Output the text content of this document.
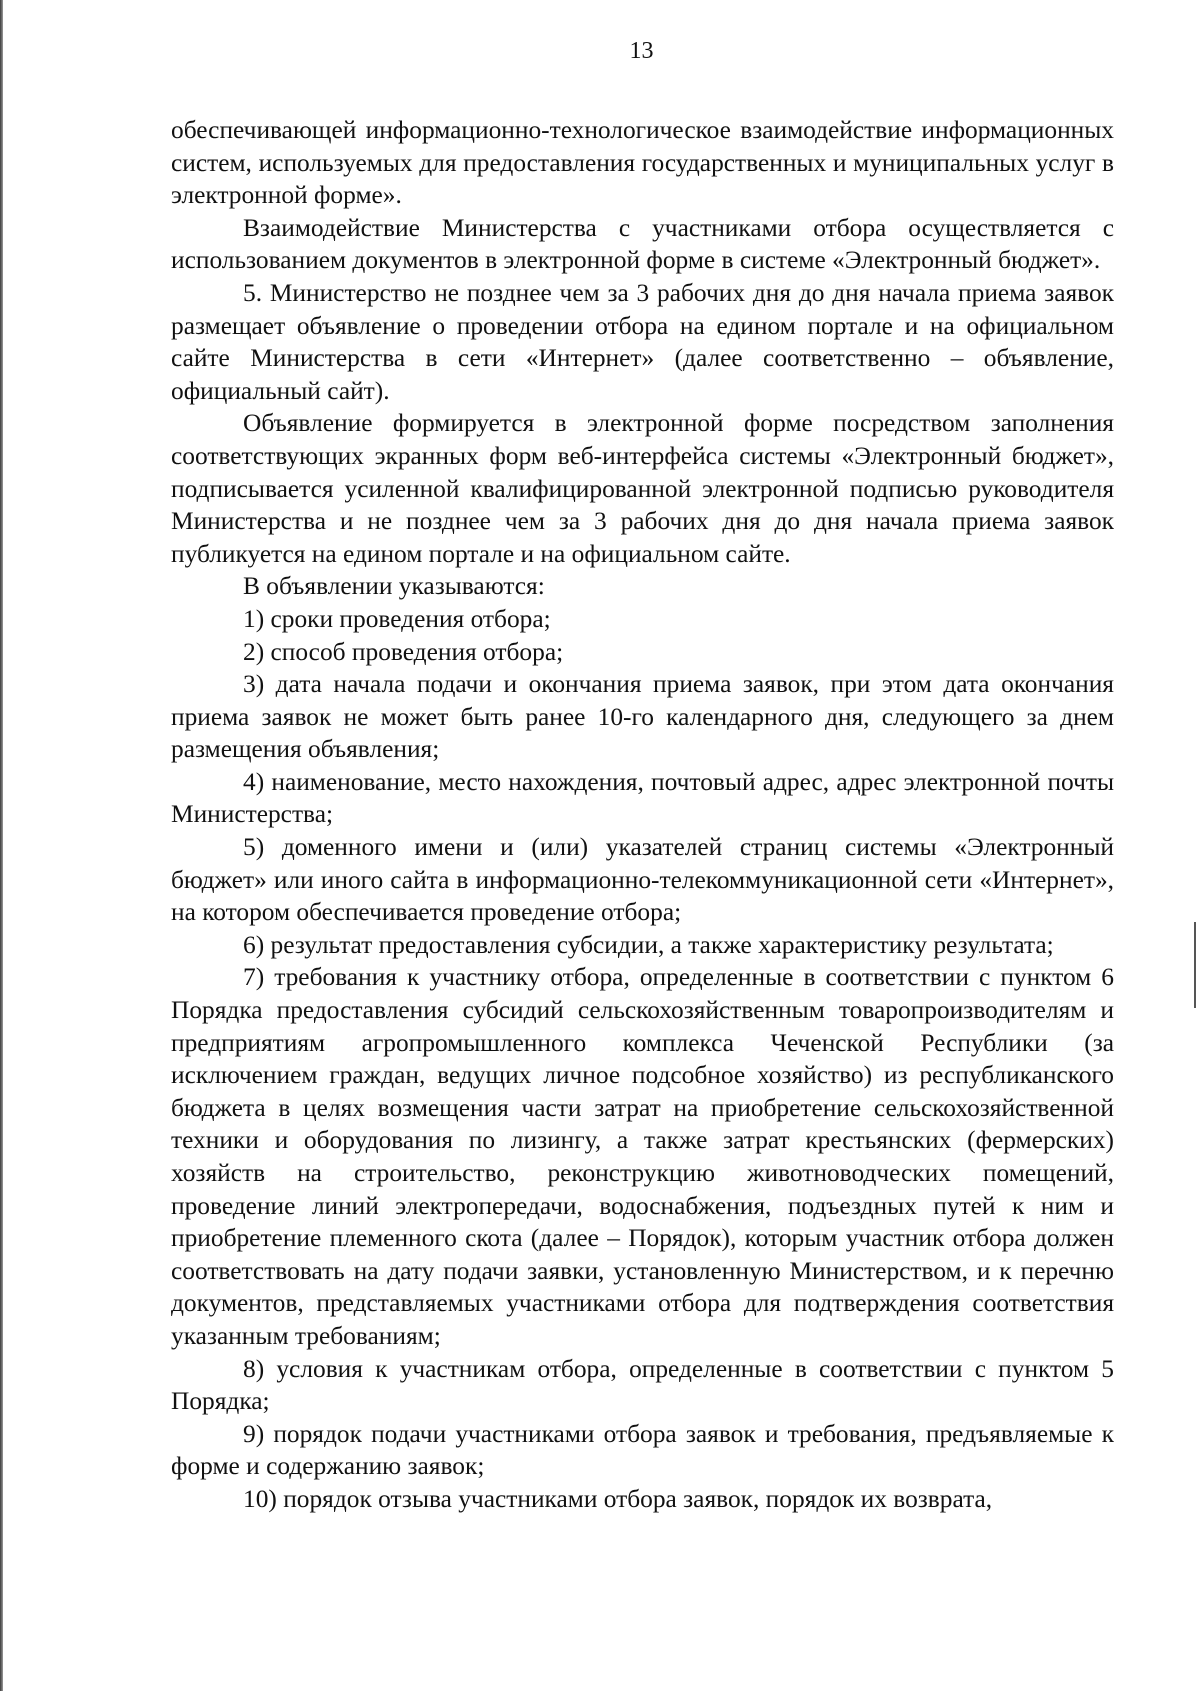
13

обеспечивающей информационно-технологическое взаимодействие информационных систем, используемых для предоставления государственных и муниципальных услуг в электронной форме».

Взаимодействие Министерства с участниками отбора осуществляется с использованием документов в электронной форме в системе «Электронный бюджет».

5. Министерство не позднее чем за 3 рабочих дня до дня начала приема заявок размещает объявление о проведении отбора на едином портале и на официальном сайте Министерства в сети «Интернет» (далее соответственно – объявление, официальный сайт).

Объявление формируется в электронной форме посредством заполнения соответствующих экранных форм веб-интерфейса системы «Электронный бюджет», подписывается усиленной квалифицированной электронной подписью руководителя Министерства и не позднее чем за 3 рабочих дня до дня начала приема заявок публикуется на едином портале и на официальном сайте.

В объявлении указываются:

1) сроки проведения отбора;

2) способ проведения отбора;

3) дата начала подачи и окончания приема заявок, при этом дата окончания приема заявок не может быть ранее 10-го календарного дня, следующего за днем размещения объявления;

4) наименование, место нахождения, почтовый адрес, адрес электронной почты Министерства;

5) доменного имени и (или) указателей страниц системы «Электронный бюджет» или иного сайта в информационно-телекоммуникационной сети «Интернет», на котором обеспечивается проведение отбора;

6) результат предоставления субсидии, а также характеристику результата;

7) требования к участнику отбора, определенные в соответствии с пунктом 6 Порядка предоставления субсидий сельскохозяйственным товаропроизводителям и предприятиям агропромышленного комплекса Чеченской Республики (за исключением граждан, ведущих личное подсобное хозяйство) из республиканского бюджета в целях возмещения части затрат на приобретение сельскохозяйственной техники и оборудования по лизингу, а также затрат крестьянских (фермерских) хозяйств на строительство, реконструкцию животноводческих помещений, проведение линий электропередачи, водоснабжения, подъездных путей к ним и приобретение племенного скота (далее – Порядок), которым участник отбора должен соответствовать на дату подачи заявки, установленную Министерством, и к перечню документов, представляемых участниками отбора для подтверждения соответствия указанным требованиям;

8) условия к участникам отбора, определенные в соответствии с пунктом 5 Порядка;

9) порядок подачи участниками отбора заявок и требования, предъявляемые к форме и содержанию заявок;

10) порядок отзыва участниками отбора заявок, порядок их возврата,
